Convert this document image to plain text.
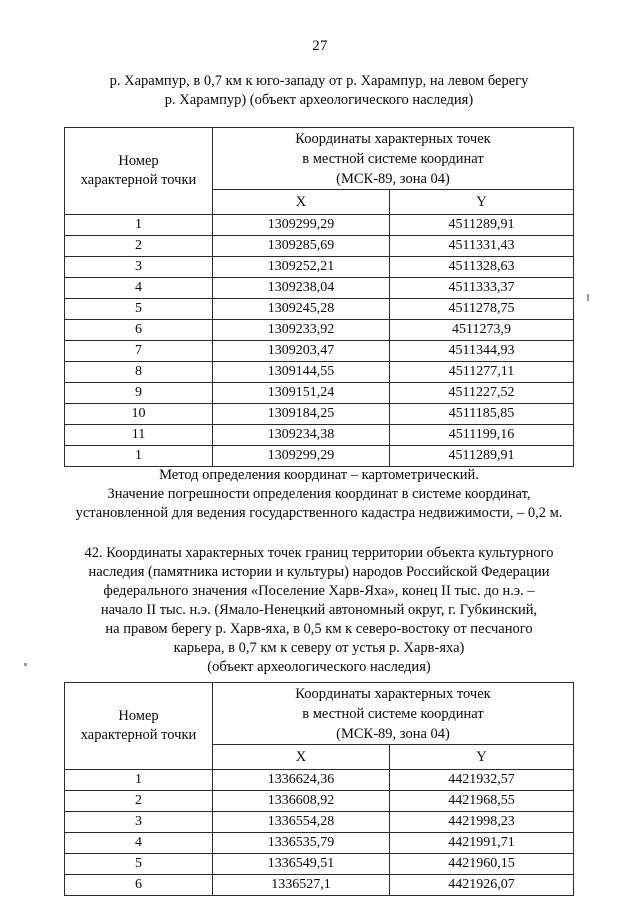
27
р. Харампур, в 0,7 км к юго-западу от р. Харампур, на левом берегу
р. Харампур) (объект археологического наследия)
Номер
характерной точки

Координаты характерных точек
в местной системе координат
(МСК-89, зона 04)

	X	Y
1	1309299,29	4511289,91
2	1309285,69	4511331,43
3	1309252,21	4511328,63
4	1309238,04	4511333,37
5	1309245,28	4511278,75
6	1309233,92	4511273,9
7	1309203,47	4511344,93
8	1309144,55	4511277,11
9	1309151,24	4511227,52
10	1309184,25	4511185,85
11	1309234,38	4511199,16
1	1309299,29	4511289,91
Метод определения координат – картометрический.
Значение погрешности определения координат в системе координат,
установленной для ведения государственного кадастра недвижимости, – 0,2 м.
42. Координаты характерных точек границ территории объекта культурного
наследия (памятника истории и культуры) народов Российской Федерации
федерального значения «Поселение Харв-Яха», конец II тыс. до н.э. –
начало II тыс. н.э. (Ямало-Ненецкий автономный округ, г. Губкинский,
на правом берегу р. Харв-яха, в 0,5 км к северо-востоку от песчаного
карьера, в 0,7 км к северу от устья р. Харв-яха)
(объект археологического наследия)
Номер
характерной точки

Координаты характерных точек
в местной системе координат
(МСК-89, зона 04)

	X	Y
1	1336624,36	4421932,57
2	1336608,92	4421968,55
3	1336554,28	4421998,23
4	1336535,79	4421991,71
5	1336549,51	4421960,15
6	1336527,1	4421926,07
